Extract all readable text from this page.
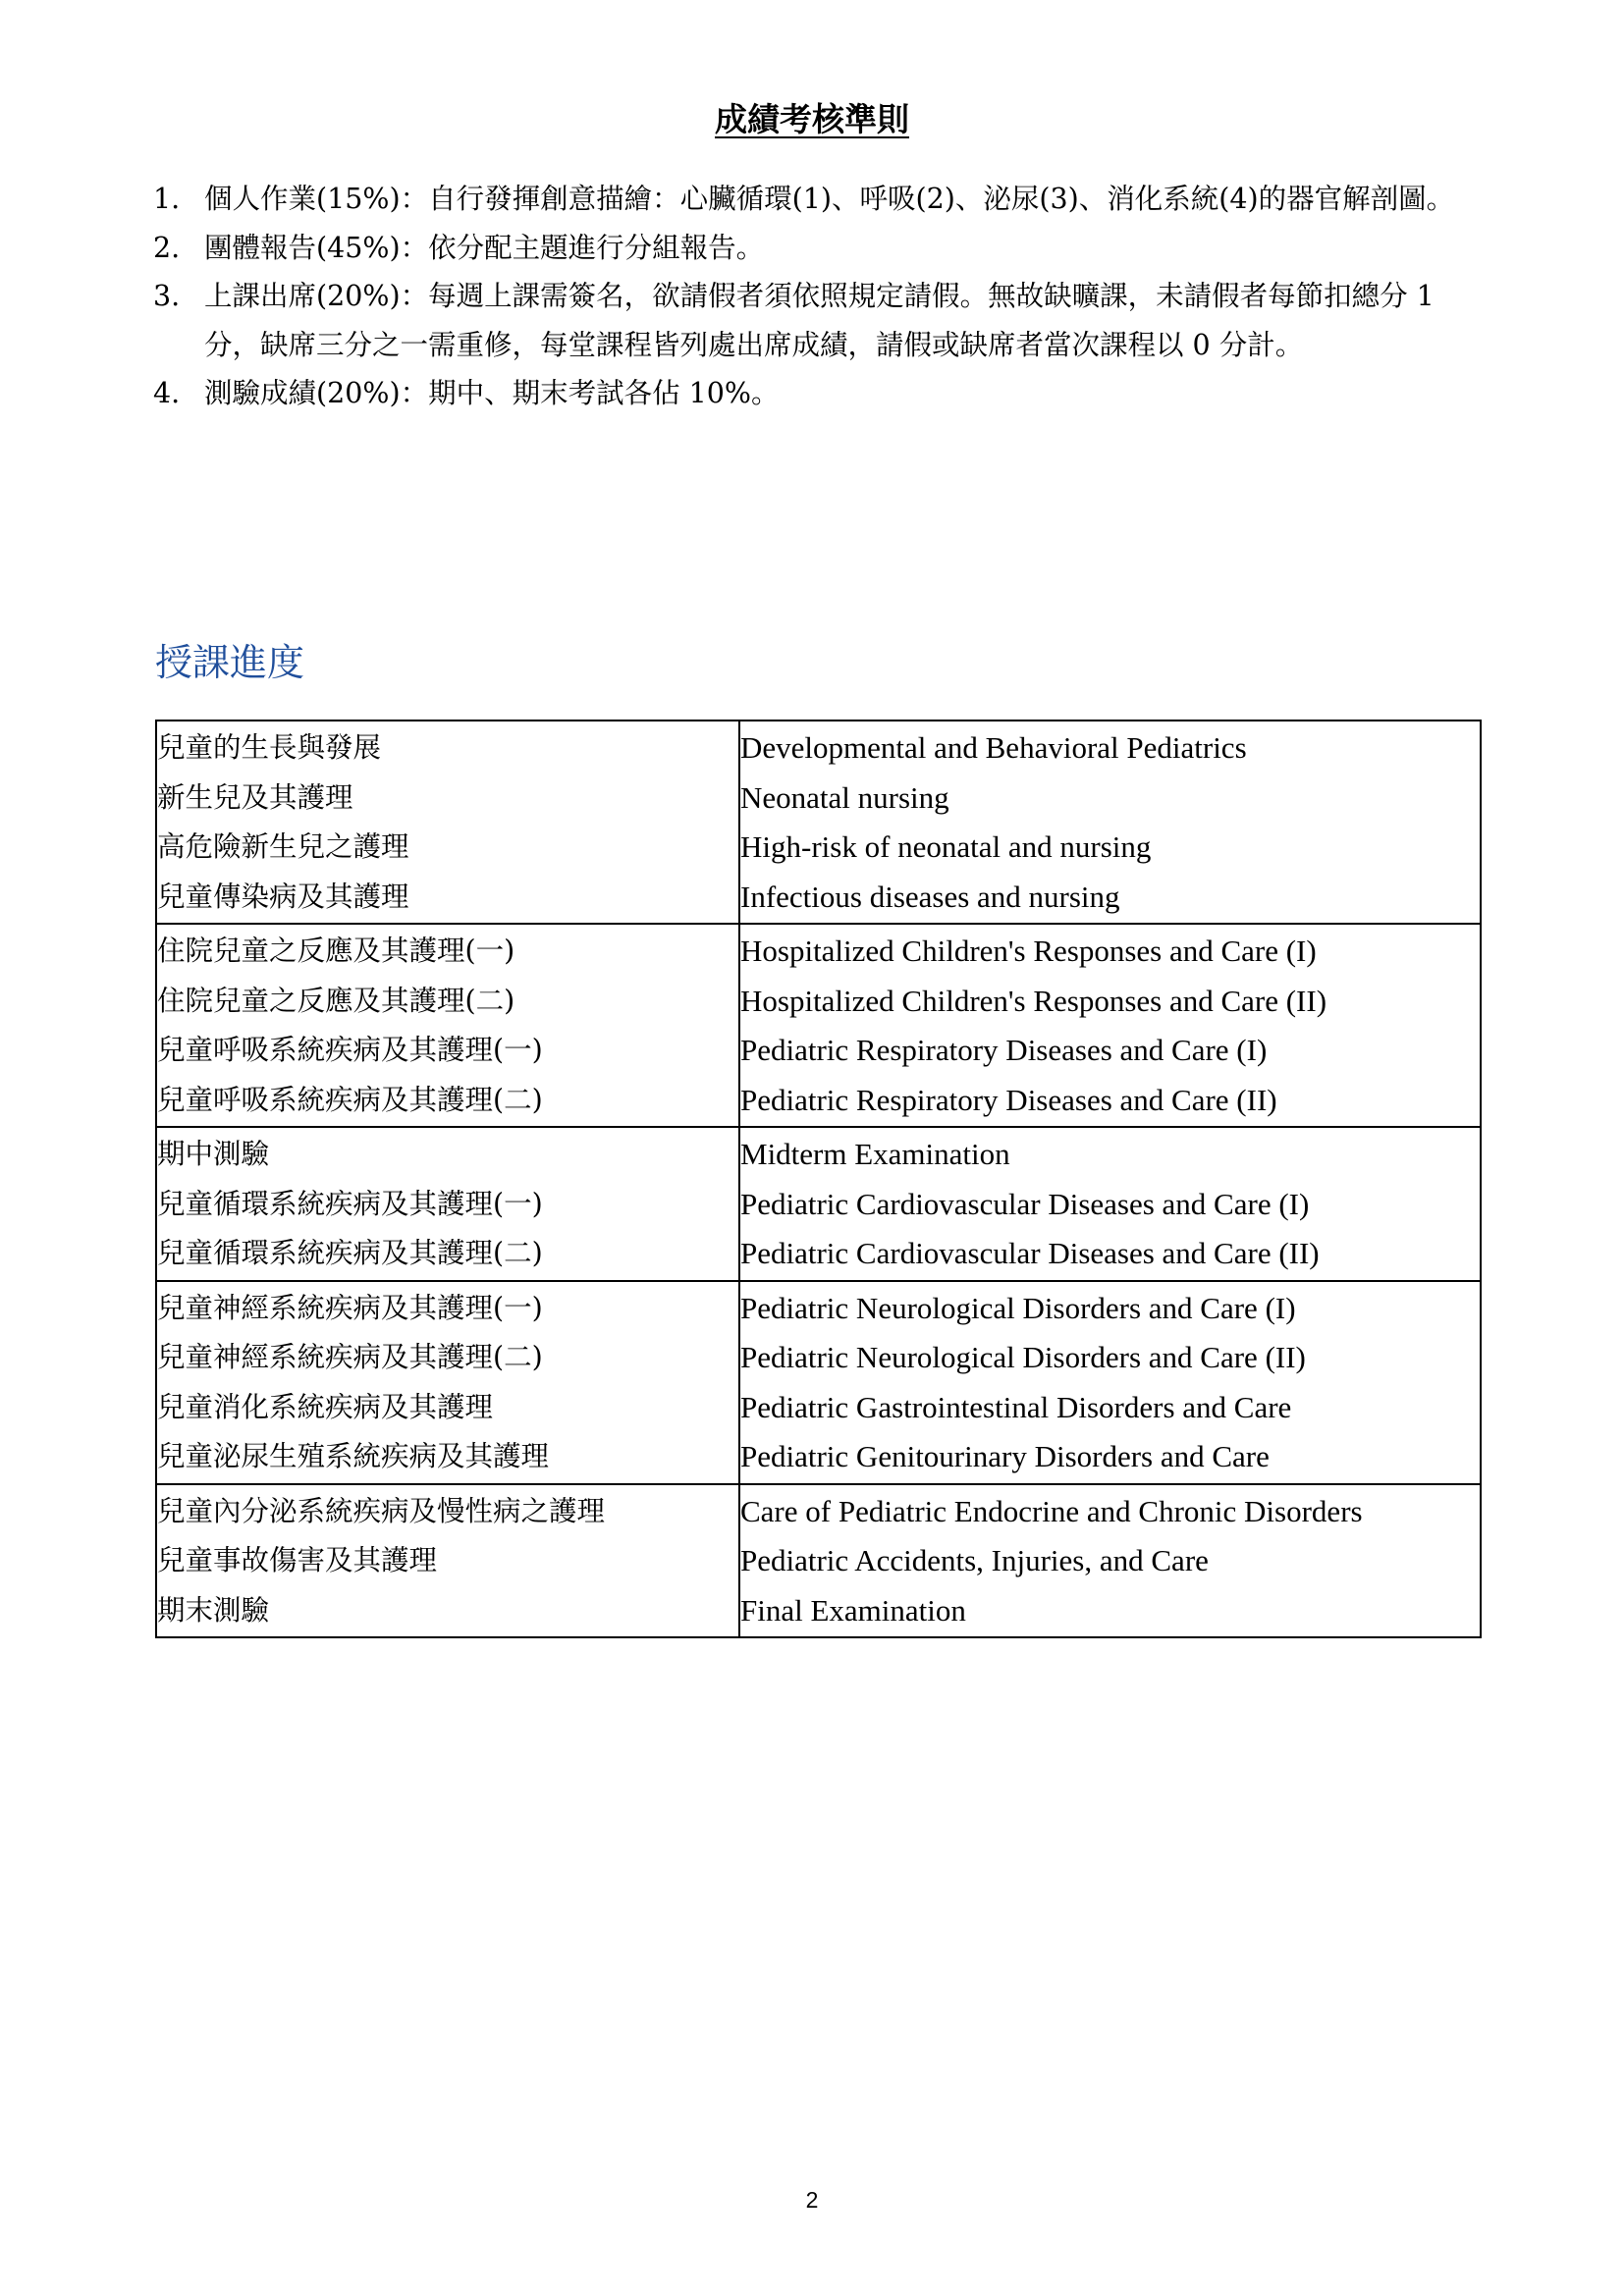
成績考核準則
1. 個人作業(15%)：自行發揮創意描繪：心臟循環(1)、呼吸(2)、泌尿(3)、消化系統(4)的器官解剖圖。
2. 團體報告(45%)：依分配主題進行分組報告。
3. 上課出席(20%)：每週上課需簽名，欲請假者須依照規定請假。無故缺曠課，未請假者每節扣總分 1 分，缺席三分之一需重修，每堂課程皆列處出席成績，請假或缺席者當次課程以 0 分計。
4. 測驗成績(20%)：期中、期末考試各佔 10%。
授課進度
兒童的生長與發展	Developmental and Behavioral Pediatrics
新生兒及其護理	Neonatal nursing
高危險新生兒之護理	High-risk of neonatal and nursing
兒童傳染病及其護理	Infectious diseases and nursing
住院兒童之反應及其護理(一)	Hospitalized Children's Responses and Care (I)
住院兒童之反應及其護理(二)	Hospitalized Children's Responses and Care (II)
兒童呼吸系統疾病及其護理(一)	Pediatric Respiratory Diseases and Care (I)
兒童呼吸系統疾病及其護理(二)	Pediatric Respiratory Diseases and Care (II)
期中測驗	Midterm Examination
兒童循環系統疾病及其護理(一)	Pediatric Cardiovascular Diseases and Care (I)
兒童循環系統疾病及其護理(二)	Pediatric Cardiovascular Diseases and Care (II)
兒童神經系統疾病及其護理(一)	Pediatric Neurological Disorders and Care (I)
兒童神經系統疾病及其護理(二)	Pediatric Neurological Disorders and Care (II)
兒童消化系統疾病及其護理	Pediatric Gastrointestinal Disorders and Care
兒童泌尿生殖系統疾病及其護理	Pediatric Genitourinary Disorders and Care
兒童內分泌系統疾病及慢性病之護理	Care of Pediatric Endocrine and Chronic Disorders
兒童事故傷害及其護理	Pediatric Accidents, Injuries, and Care
期末測驗	Final Examination
2
